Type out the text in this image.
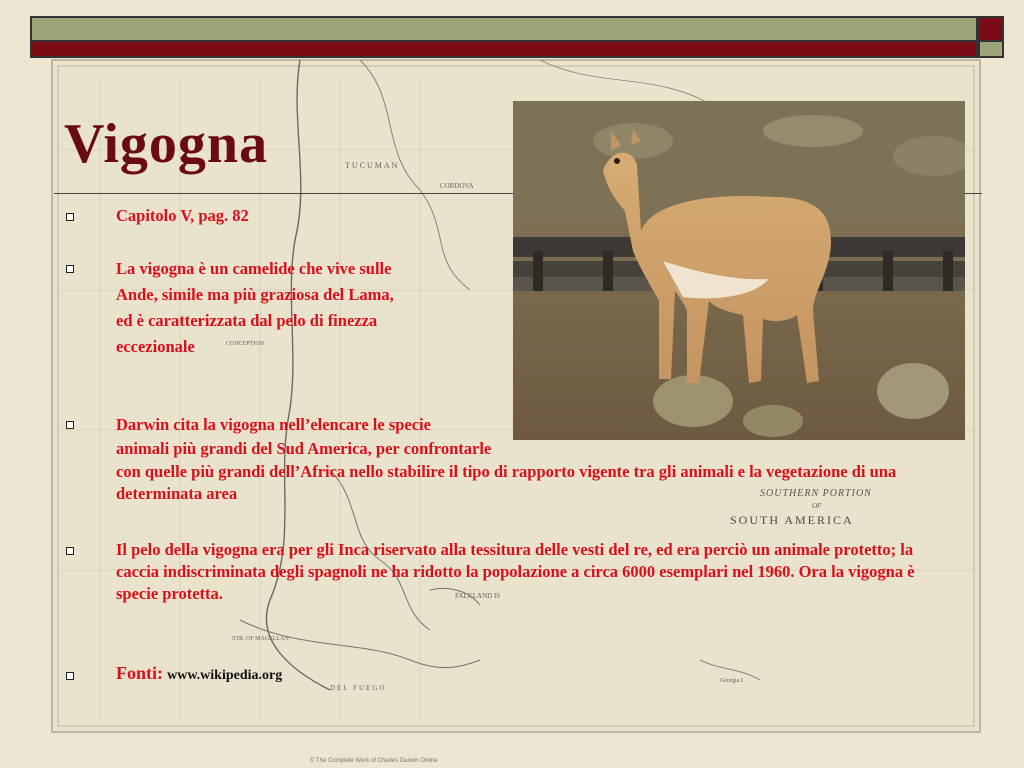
SOUTHERN PORTION
OF
SOUTH AMERICA
TUCUMAN
CORDOVA
CONCEPTION
FALKLAND IS
STR. OF MAGELLAN
DEL FUEGO
Georgia I.
© The Complete Work of Charles Darwin Online
Vigogna
Capitolo V, pag. 82
La vigogna è un camelide che vive sulle
Ande, simile ma più graziosa del Lama,
ed è caratterizzata dal pelo di finezza
eccezionale
Darwin cita la vigogna nell’elencare le specie
animali più grandi del Sud America, per confrontarle
con quelle più grandi dell’Africa nello stabilire il tipo di rapporto vigente tra gli animali e la vegetazione di una determinata area
Il pelo della vigogna era per gli Inca riservato alla tessitura delle vesti del re, ed era perciò un animale protetto; la caccia indiscriminata degli spagnoli ne ha ridotto la popolazione a circa 6000 esemplari nel 1960. Ora la vigogna è specie protetta.
Fonti: www.wikipedia.org
